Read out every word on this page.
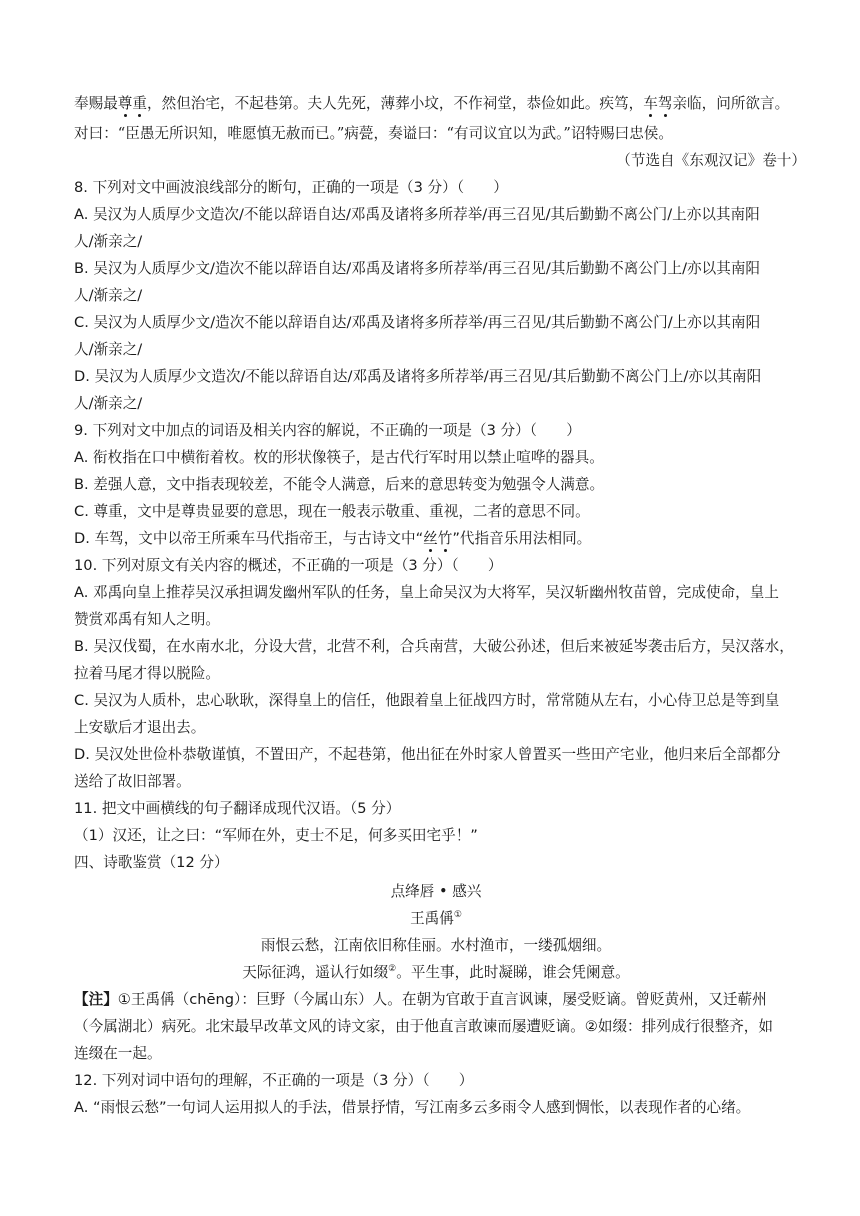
奉赐最尊重，然但治宅，不起巷第。夫人先死，薄葬小坟，不作祠堂，恭俭如此。疾笃，车驾亲临，问所欲言。
对曰：“臣愚无所识知，唯愿慎无赦而已。”病甍，奏谥曰：“有司议宜以为武。”诏特赐曰忠侯。
（节选自《东观汉记》卷十）
8. 下列对文中画波浪线部分的断句，正确的一项是（3 分）（　　）
A. 吴汉为人质厚少文造次/不能以辞语自达/邓禹及诸将多所荐举/再三召见/其后勤勤不离公门/上亦以其南阳
人/渐亲之/
B. 吴汉为人质厚少文/造次不能以辞语自达/邓禹及诸将多所荐举/再三召见/其后勤勤不离公门上/亦以其南阳
人/渐亲之/
C. 吴汉为人质厚少文/造次不能以辞语自达/邓禹及诸将多所荐举/再三召见/其后勤勤不离公门/上亦以其南阳
人/渐亲之/
D. 吴汉为人质厚少文造次/不能以辞语自达/邓禹及诸将多所荐举/再三召见/其后勤勤不离公门上/亦以其南阳
人/渐亲之/
9. 下列对文中加点的词语及相关内容的解说，不正确的一项是（3 分）（　　）
A. 衔枚指在口中横衔着枚。枚的形状像筷子，是古代行军时用以禁止喧哗的器具。
B. 差强人意，文中指表现较差，不能令人满意，后来的意思转变为勉强令人满意。
C. 尊重，文中是尊贵显要的意思，现在一般表示敬重、重视，二者的意思不同。
D. 车驾，文中以帝王所乘车马代指帝王，与古诗文中“丝竹”代指音乐用法相同。
10. 下列对原文有关内容的概述，不正确的一项是（3 分）（　　）
A. 邓禹向皇上推荐吴汉承担调发幽州军队的任务，皇上命吴汉为大将军，吴汉斩幽州牧苗曾，完成使命，皇上
赞赏邓禹有知人之明。
B. 吴汉伐蜀，在水南水北，分设大营，北营不利，合兵南营，大破公孙述，但后来被延岑袭击后方，吴汉落水，
拉着马尾才得以脱险。
C. 吴汉为人质朴，忠心耿耿，深得皇上的信任，他跟着皇上征战四方时，常常随从左右，小心侍卫总是等到皇
上安歇后才退出去。
D. 吴汉处世俭朴恭敬谨慎，不置田产，不起巷第，他出征在外时家人曾置买一些田产宅业，他归来后全部都分
送给了故旧部署。
11. 把文中画横线的句子翻译成现代汉语。（5 分）
（1）汉还，让之曰：“军师在外，吏士不足，何多买田宅乎！”
四、诗歌鉴赏（12 分）
点绛唇 • 感兴
王禹偁①
雨恨云愁，江南依旧称佳丽。水村渔市，一缕孤烟细。
天际征鸿，遥认行如缀②。平生事，此时凝睇，谁会凭阑意。
【注】①王禹偁（chēng）：巨野（今属山东）人。在朝为官敢于直言讽谏，屡受贬谪。曾贬黄州，又迁蕲州
（今属湖北）病死。北宋最早改革文风的诗文家，由于他直言敢谏而屡遭贬谪。②如缀：排列成行很整齐，如
连缀在一起。
12. 下列对词中语句的理解，不正确的一项是（3 分）（　　）
A. “雨恨云愁”一句词人运用拟人的手法，借景抒情，写江南多云多雨令人感到惆怅，以表现作者的心绪。
